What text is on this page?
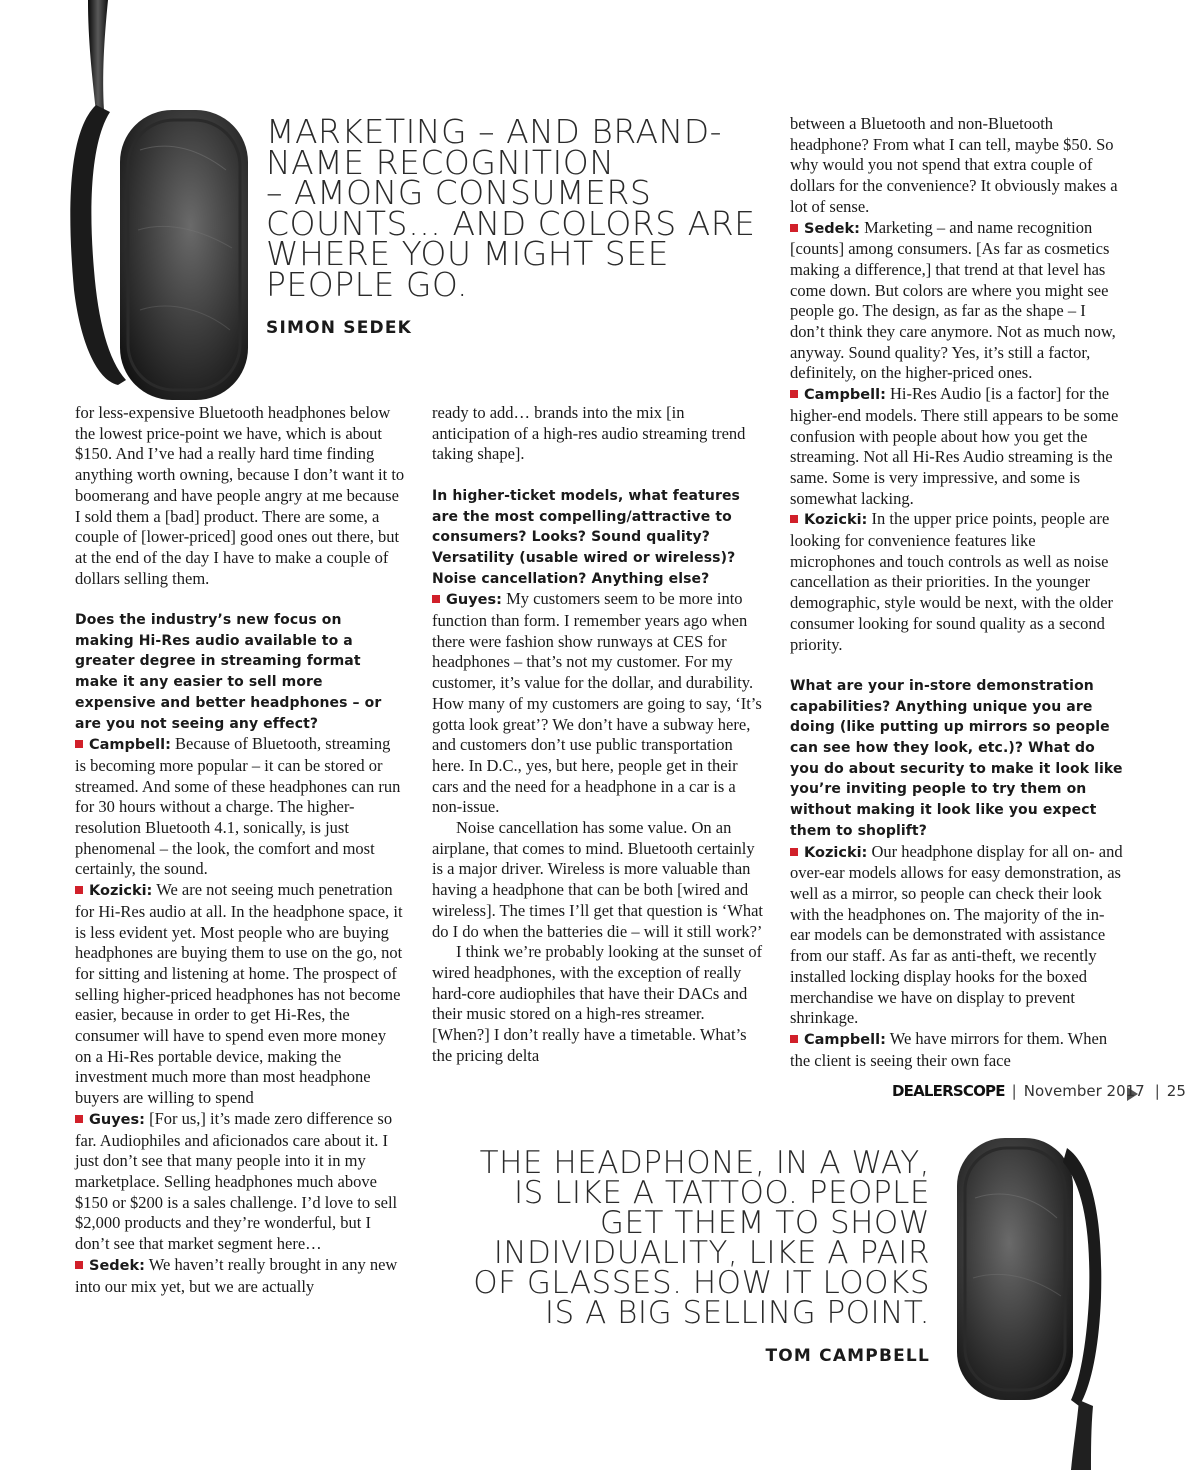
MARKETING – AND BRAND-
NAME RECOGNITION
– AMONG CONSUMERS
COUNTS… AND COLORS ARE
WHERE YOU MIGHT SEE
PEOPLE GO.
SIMON SEDEK

for less-expensive Bluetooth headphones below the lowest price-point we have, which is about $150. And I’ve had a really hard time finding anything worth owning, because I don’t want it to boomerang and have people angry at me because I sold them a [bad] product. There are some, a couple of [lower-priced] good ones out there, but at the end of the day I have to make a couple of dollars selling them.

Does the industry’s new focus on making Hi-Res audio available to a greater degree in streaming format make it any easier to sell more expensive and better headphones – or are you not seeing any effect?

Campbell: Because of Bluetooth, streaming is becoming more popular – it can be stored or streamed. And some of these headphones can run for 30 hours without a charge. The higher-resolution Bluetooth 4.1, sonically, is just phenomenal – the look, the comfort and most certainly, the sound.

Kozicki: We are not seeing much penetration for Hi-Res audio at all. In the headphone space, it is less evident yet. Most people who are buying headphones are buying them to use on the go, not for sitting and listening at home. The prospect of selling higher-priced headphones has not become easier, because in order to get Hi-Res, the consumer will have to spend even more money on a Hi-Res portable device, making the investment much more than most headphone buyers are willing to spend

Guyes: [For us,] it’s made zero difference so far. Audiophiles and aficionados care about it. I just don’t see that many people into it in my marketplace. Selling headphones much above $150 or $200 is a sales challenge. I’d love to sell $2,000 products and they’re wonderful, but I don’t see that market segment here…

Sedek: We haven’t really brought in any new into our mix yet, but we are actually

ready to add… brands into the mix [in anticipation of a high-res audio streaming trend taking shape].

In higher-ticket models, what features are the most compelling/attractive to consumers? Looks? Sound quality? Versatility (usable wired or wireless)? Noise cancellation? Anything else?

Guyes: My customers seem to be more into function than form. I remember years ago when there were fashion show runways at CES for headphones – that’s not my customer. For my customer, it’s value for the dollar, and durability. How many of my customers are going to say, ‘It’s gotta look great’? We don’t have a subway here, and customers don’t use public transportation here. In D.C., yes, but here, people get in their cars and the need for a headphone in a car is a non-issue.

Noise cancellation has some value. On an airplane, that comes to mind. Bluetooth certainly is a major driver. Wireless is more valuable than having a headphone that can be both [wired and wireless]. The times I’ll get that question is ‘What do I do when the batteries die – will it still work?’

I think we’re probably looking at the sunset of wired headphones, with the exception of really hard-core audiophiles that have their DACs and their music stored on a high-res streamer. [When?] I don’t really have a timetable. What’s the pricing delta

between a Bluetooth and non-Bluetooth headphone? From what I can tell, maybe $50. So why would you not spend that extra couple of dollars for the convenience? It obviously makes a lot of sense.

Sedek: Marketing – and name recognition [counts] among consumers. [As far as cosmetics making a difference,] that trend at that level has come down. But colors are where you might see people go. The design, as far as the shape – I don’t think they care anymore. Not as much now, anyway. Sound quality? Yes, it’s still a factor, definitely, on the higher-priced ones.

Campbell: Hi-Res Audio [is a factor] for the higher-end models. There still appears to be some confusion with people about how you get the streaming. Not all Hi-Res Audio streaming is the same. Some is very impressive, and some is somewhat lacking.

Kozicki: In the upper price points, people are looking for convenience features like microphones and touch controls as well as noise cancellation as their priorities. In the younger demographic, style would be next, with the older consumer looking for sound quality as a second priority.

What are your in-store demonstration capabilities? Anything unique you are doing (like putting up mirrors so people can see how they look, etc.)? What do you do about security to make it look like you’re inviting people to try them on without making it look like you expect them to shoplift?

Kozicki: Our headphone display for all on- and over-ear models allows for easy demonstration, as well as a mirror, so people can check their look with the headphones on. The majority of the in-ear models can be demonstrated with assistance from our staff. As far as anti-theft, we recently installed locking display hooks for the boxed merchandise we have on display to prevent shrinkage.

Campbell: We have mirrors for them. When the client is seeing their own face

THE HEADPHONE, IN A WAY,
IS LIKE A TATTOO. PEOPLE
GET THEM TO SHOW
INDIVIDUALITY, LIKE A PAIR
OF GLASSES. HOW IT LOOKS
IS A BIG SELLING POINT.
TOM CAMPBELL
DEALERSCOPE | November 2017 | 25
